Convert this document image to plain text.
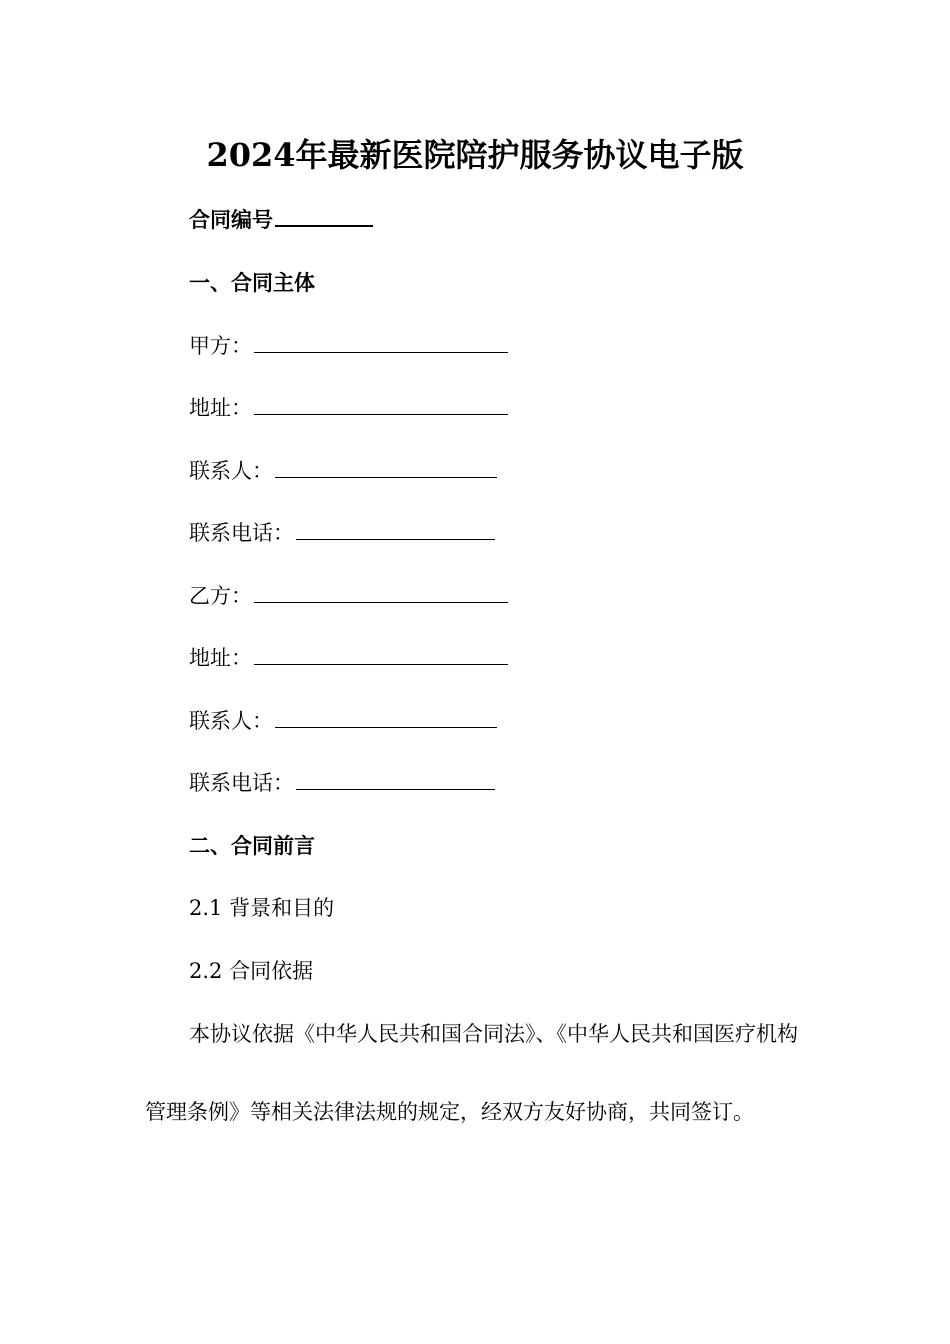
2024年最新医院陪护服务协议电子版
合同编号
一、合同主体
甲方：
地址：
联系人：
联系电话：
乙方：
地址：
联系人：
联系电话：
二、合同前言
2.1 背景和目的
2.2 合同依据
本协议依据《中华人民共和国合同法》、《中华人民共和国医疗机构管理条例》等相关法律法规的规定，经双方友好协商，共同签订。
